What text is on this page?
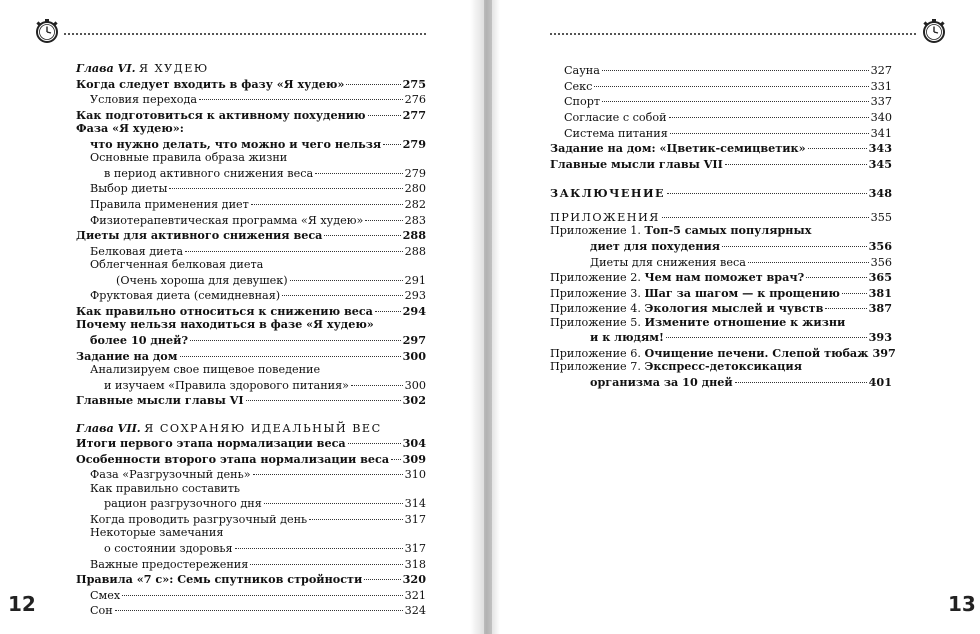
Глава VI. Я ХУДЕЮ
Когда следует входить в фазу «Я худею»	275
Условия перехода	276
Как подготовиться к активному похудению	277
Фаза «Я худею»:
что нужно делать, что можно и чего нельзя 279
Основные правила образа жизни
в период активного снижения веса	279
Выбор диеты	280
Правила применения диет	282
Физиотерапевтическая программа «Я худею»	283
Диеты для активного снижения веса	288
Белковая диета	288
Облегченная белковая диета
(Очень хороша для девушек)	291
Фруктовая диета (семидневная)	293
Как правильно относиться к снижению веса	294
Почему нельзя находиться в фазе «Я худею»
более 10 дней?	297
Задание на дом	300
Анализируем свое пищевое поведение
и изучаем «Правила здорового питания»	300
Главные мысли главы VI	302
Глава VII. Я СОХРАНЯЮ ИДЕАЛЬНЫЙ ВЕС
Итоги первого этапа нормализации веса	304
Особенности второго этапа нормализации веса 309
Фаза «Разгрузочный день»	310
Как правильно составить
рацион разгрузочного дня	314
Когда проводить разгрузочный день	317
Некоторые замечания
о состоянии здоровья	317
Важные предостережения	318
Правила «7 с»: Семь спутников стройности	320
Смех	321
Сон	324
12
Сауна	327
Секс	331
Спорт	337
Согласие с собой	340
Система питания	341
Задание на дом: «Цветик-семицветик»	343
Главные мысли главы VII	345
ЗАКЛЮЧЕНИЕ	348
ПРИЛОЖЕНИЯ	355
Приложение 1. Топ-5 самых популярных
диет для похудения	356
Диеты для снижения веса	356
Приложение 2. Чем нам поможет врач?	365
Приложение 3. Шаг за шагом — к прощению	381
Приложение 4. Экология мыслей и чувств	387
Приложение 5. Измените отношение к жизни
и к людям!	393
Приложение 6. Очищение печени. Слепой тюбаж 397
Приложение 7. Экспресс-детоксикация
организма за 10 дней	401
13
